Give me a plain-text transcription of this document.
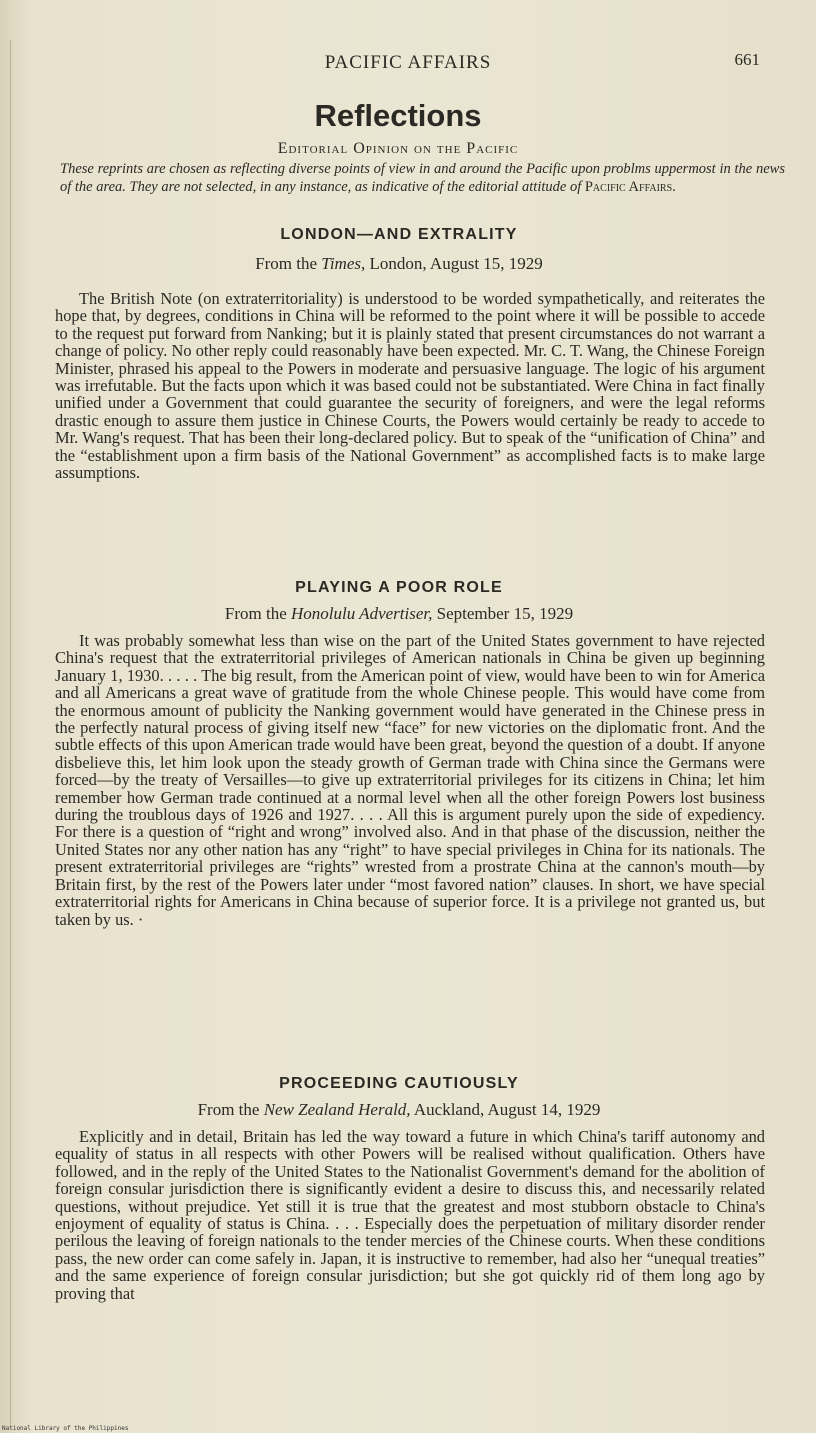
PACIFIC AFFAIRS	661
Reflections
Editorial Opinion on the Pacific
These reprints are chosen as reflecting diverse points of view in and around the Pacific upon problms uppermost in the news of the area. They are not selected, in any instance, as indicative of the editorial attitude of Pacific Affairs.
LONDON—AND EXTRALITY
From the Times, London, August 15, 1929
The British Note (on extraterritoriality) is understood to be worded sympathetically, and reiterates the hope that, by degrees, conditions in China will be reformed to the point where it will be possible to accede to the request put forward from Nanking; but it is plainly stated that present circumstances do not warrant a change of policy. No other reply could reasonably have been expected. Mr. C. T. Wang, the Chinese Foreign Minister, phrased his appeal to the Powers in moderate and persuasive language. The logic of his argument was irrefutable. But the facts upon which it was based could not be substantiated. Were China in fact finally unified under a Government that could guarantee the security of foreigners, and were the legal reforms drastic enough to assure them justice in Chinese Courts, the Powers would certainly be ready to accede to Mr. Wang's request. That has been their long-declared policy. But to speak of the “unification of China” and the “establishment upon a firm basis of the National Government” as accomplished facts is to make large assumptions.
PLAYING A POOR ROLE
From the Honolulu Advertiser, September 15, 1929
It was probably somewhat less than wise on the part of the United States government to have rejected China's request that the extraterritorial privileges of American nationals in China be given up beginning January 1, 1930. . . . . The big result, from the American point of view, would have been to win for America and all Americans a great wave of gratitude from the whole Chinese people. This would have come from the enormous amount of publicity the Nanking government would have generated in the Chinese press in the perfectly natural process of giving itself new “face” for new victories on the diplomatic front. And the subtle effects of this upon American trade would have been great, beyond the question of a doubt. If anyone disbelieve this, let him look upon the steady growth of German trade with China since the Germans were forced—by the treaty of Versailles—to give up extraterritorial privileges for its citizens in China; let him remember how German trade continued at a normal level when all the other foreign Powers lost business during the troublous days of 1926 and 1927. . . . All this is argument purely upon the side of expediency. For there is a question of “right and wrong” involved also. And in that phase of the discussion, neither the United States nor any other nation has any “right” to have special privileges in China for its nationals. The present extraterritorial privileges are “rights” wrested from a prostrate China at the cannon's mouth—by Britain first, by the rest of the Powers later under “most favored nation” clauses. In short, we have special extraterritorial rights for Americans in China because of superior force. It is a privilege not granted us, but taken by us. ·
PROCEEDING CAUTIOUSLY
From the New Zealand Herald, Auckland, August 14, 1929
Explicitly and in detail, Britain has led the way toward a future in which China's tariff autonomy and equality of status in all respects with other Powers will be realised without qualification. Others have followed, and in the reply of the United States to the Nationalist Government's demand for the abolition of foreign consular jurisdiction there is significantly evident a desire to discuss this, and necessarily related questions, without prejudice. Yet still it is true that the greatest and most stubborn obstacle to China's enjoyment of equality of status is China. . . . Especially does the perpetuation of military disorder render perilous the leaving of foreign nationals to the tender mercies of the Chinese courts. When these conditions pass, the new order can come safely in. Japan, it is instructive to remember, had also her “unequal treaties” and the same experience of foreign consular jurisdiction; but she got quickly rid of them long ago by proving that
National Library of the Philippines
